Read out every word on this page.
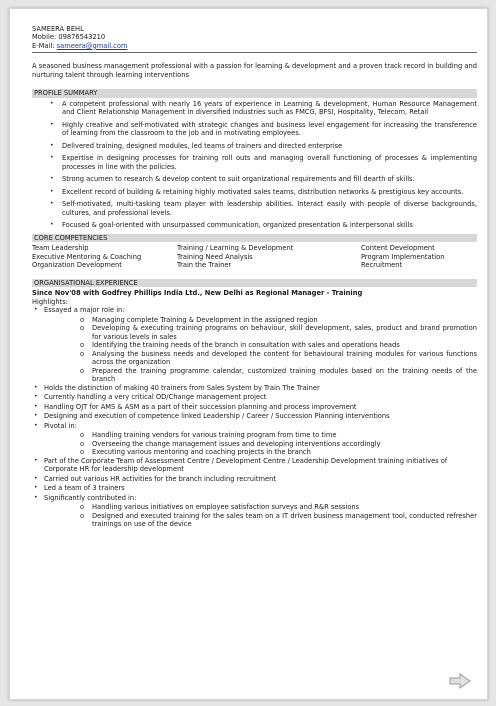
SAMEERA BEHL
Mobile: 09876543210
E-Mail: sameera@gmail.com
A seasoned business management professional with a passion for learning & development and a proven track record in building and nurturing talent through learning interventions
PROFILE SUMMARY
• A competent professional with nearly 16 years of experience in Learning & development, Human Resource Management and Client Relationship Management in diversified industries such as FMCG, BFSI, Hospitality, Telecom, Retail
• Highly creative and self-motivated with strategic changes and business level engagement for increasing the transference of learning from the classroom to the job and in motivating employees.
• Delivered training, designed modules, led teams of trainers and directed enterprise
• Expertise in designing processes for training roll outs and managing overall functioning of processes & implementing processes in line with the policies.
• Strong acumen to research & develop content to suit organizational requirements and fill dearth of skills.
• Excellent record of building & retaining highly motivated sales teams, distribution networks & prestigious key accounts.
• Self-motivated, multi-tasking team player with leadership abilities. Interact easily with people of diverse backgrounds, cultures, and professional levels.
• Focused & goal-oriented with unsurpassed communication, organized presentation & interpersonal skills
CORE COMPETENCIES
Team Leadership	Training / Learning & Development	Content Development
Executive Mentoring & Coaching	Training Need Analysis	Program Implementation
Organization Development	Train the Trainer	Recruitment
ORGANISATIONAL EXPERIENCE
Since Nov'08 with Godfrey Phillips India Ltd., New Delhi as Regional Manager - Training
Highlights:
• Essayed a major role in:
o Managing complete Training & Development in the assigned region
o Developing & executing training programs on behaviour, skill development, sales, product and brand promotion for various levels in sales
o Identifying the training needs of the branch in consultation with sales and operations heads
o Analysing the business needs and developed the content for behavioural training modules for various functions across the organization
o Prepared the training programme calendar, customized training modules based on the training needs of the branch
• Holds the distinction of making 40 trainers from Sales System by Train The Trainer
• Currently handling a very critical OD/Change management project
• Handling OJT for AMS & ASM as a part of their succession planning and process improvement
• Designing and execution of competence linked Leadership / Career / Succession Planning interventions
• Pivotal in:
o Handling training vendors for various training program from time to time
o Overseeing the change management issues and developing interventions accordingly
o Executing various mentoring and coaching projects in the branch
• Part of the Corporate Team of Assessment Centre / Development Centre / Leadership Development training initiatives of Corporate HR for leadership development
• Carried out various HR activities for the branch including recruitment
• Led a team of 3 trainers
• Significantly contributed in:
o Handling various initiatives on employee satisfaction surveys and R&R sessions
o Designed and executed training for the sales team on a IT driven business management tool, conducted refresher trainings on use of the device
